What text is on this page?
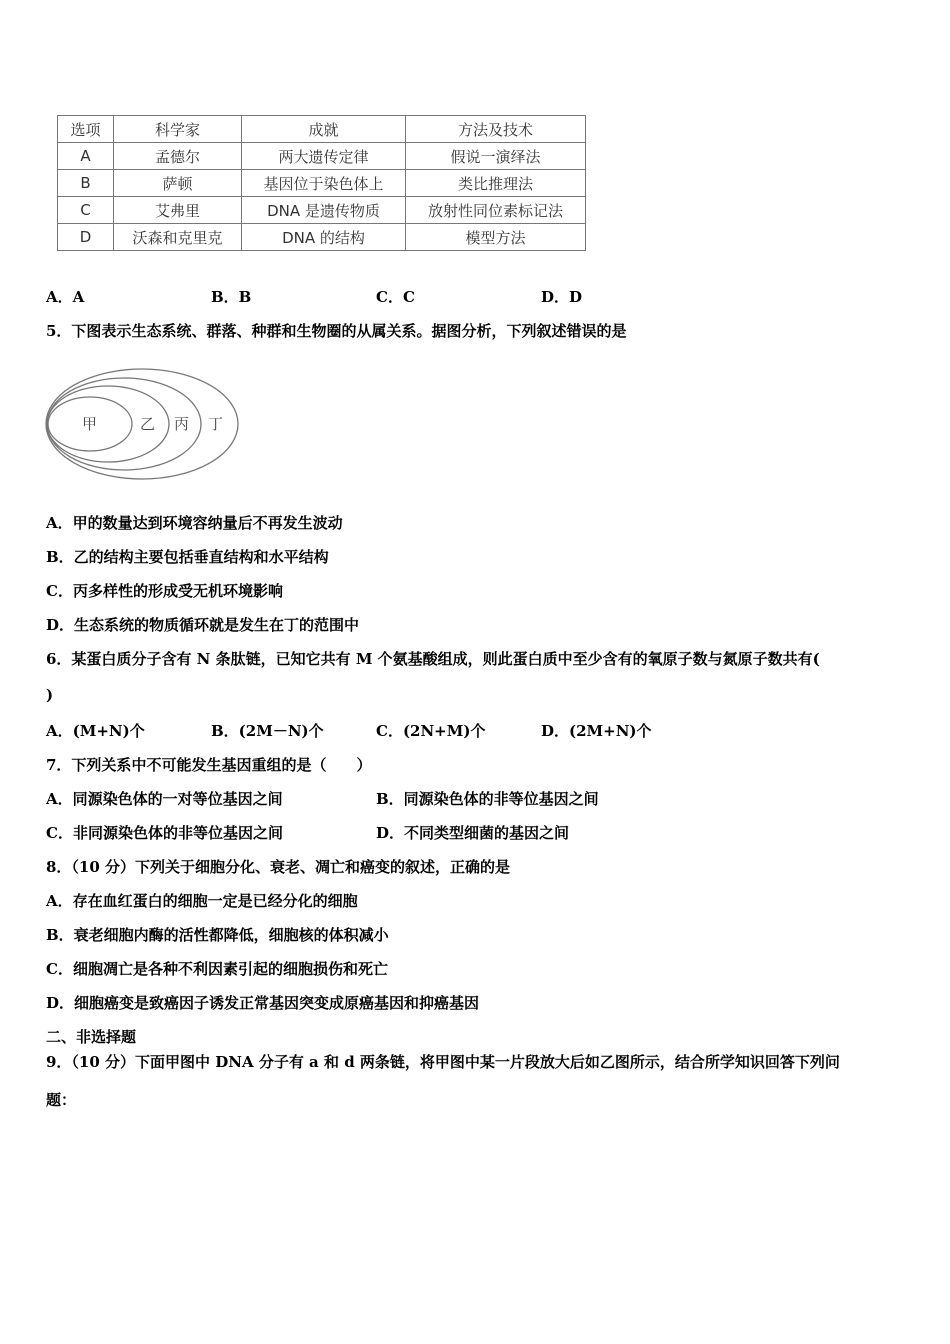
选项	科学家	成就	方法及技术
A	孟德尔	两大遗传定律	假说一演绎法
B	萨顿	基因位于染色体上	类比推理法
C	艾弗里	DNA 是遗传物质	放射性同位素标记法
D	沃森和克里克	DNA 的结构	模型方法
A．A	B．B	C．C	D．D
5．下图表示生态系统、群落、种群和生物圈的从属关系。据图分析，下列叙述错误的是
甲	乙 丙 丁
A．甲的数量达到环境容纳量后不再发生波动
B．乙的结构主要包括垂直结构和水平结构
C．丙多样性的形成受无机环境影响
D．生态系统的物质循环就是发生在丁的范围中
6．某蛋白质分子含有 N 条肽链，已知它共有 M 个氨基酸组成，则此蛋白质中至少含有的氧原子数与氮原子数共有(
)
A．(M+N)个	B．(2M－N)个	C．(2N+M)个	D．(2M+N)个
7．下列关系中不可能发生基因重组的是（　　）
A．同源染色体的一对等位基因之间	B．同源染色体的非等位基因之间
C．非同源染色体的非等位基因之间	D．不同类型细菌的基因之间
8．（10 分）下列关于细胞分化、衰老、凋亡和癌变的叙述，正确的是
A．存在血红蛋白的细胞一定是已经分化的细胞
B．衰老细胞内酶的活性都降低，细胞核的体积减小
C．细胞凋亡是各种不利因素引起的细胞损伤和死亡
D．细胞癌变是致癌因子诱发正常基因突变成原癌基因和抑癌基因
二、非选择题
9．（10 分）下面甲图中 DNA 分子有 a 和 d 两条链，将甲图中某一片段放大后如乙图所示，结合所学知识回答下列问
题：
